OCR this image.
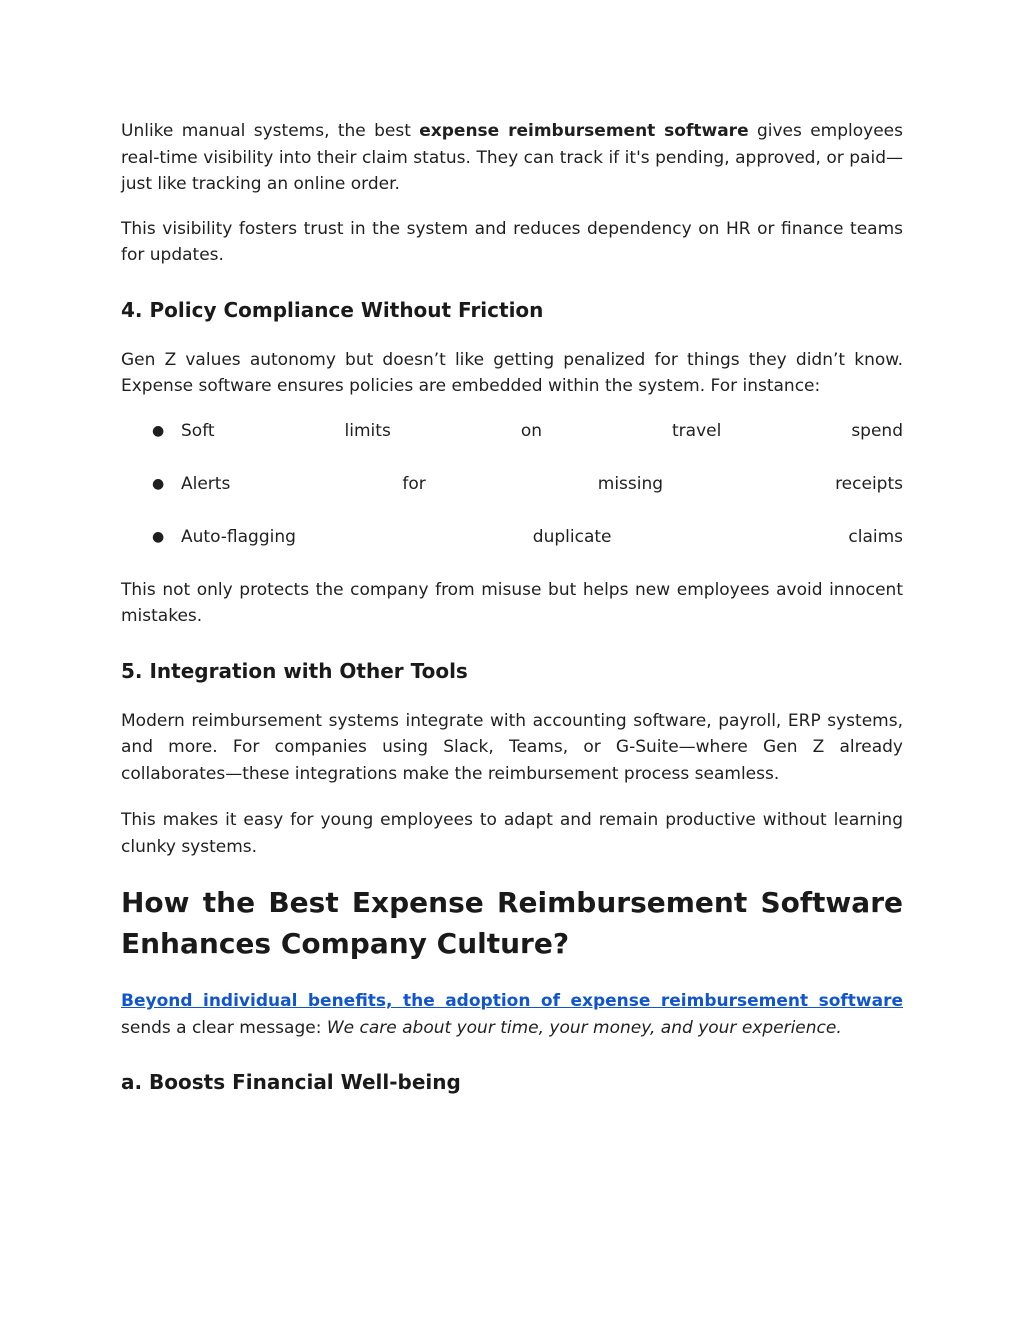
Unlike manual systems, the best expense reimbursement software gives employees real-time visibility into their claim status. They can track if it's pending, approved, or paid—just like tracking an online order.

This visibility fosters trust in the system and reduces dependency on HR or finance teams for updates.

4. Policy Compliance Without Friction

Gen Z values autonomy but doesn’t like getting penalized for things they didn’t know. Expense software ensures policies are embedded within the system. For instance:

● Soft limits on travel spend
● Alerts for missing receipts
● Auto-flagging duplicate claims

This not only protects the company from misuse but helps new employees avoid innocent mistakes.

5. Integration with Other Tools

Modern reimbursement systems integrate with accounting software, payroll, ERP systems, and more. For companies using Slack, Teams, or G-Suite—where Gen Z already collaborates—these integrations make the reimbursement process seamless.

This makes it easy for young employees to adapt and remain productive without learning clunky systems.

How the Best Expense Reimbursement Software Enhances Company Culture?

Beyond individual benefits, the adoption of expense reimbursement software sends a clear message: We care about your time, your money, and your experience.

a. Boosts Financial Well-being
